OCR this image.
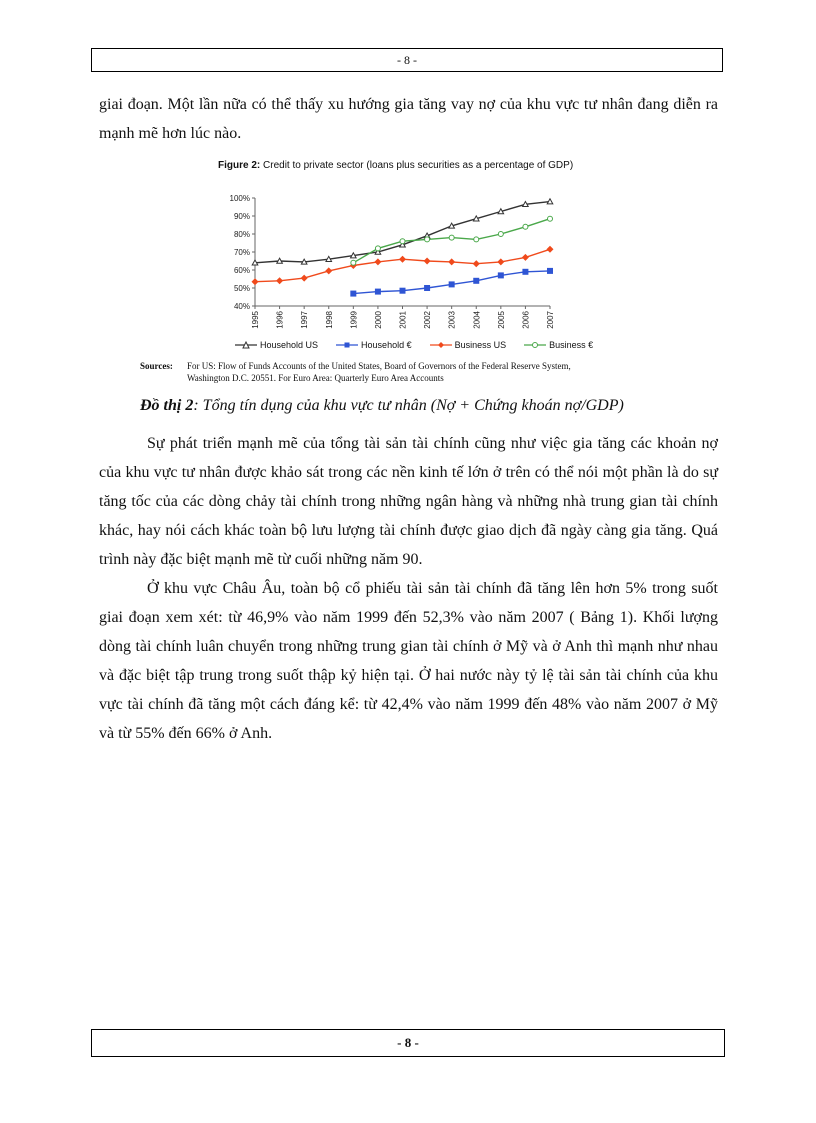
- 8 -

giai đoạn. Một lần nữa có thể thấy xu hướng gia tăng vay nợ của khu vực tư nhân đang diễn ra mạnh mẽ hơn lúc nào.

Figure 2: Credit to private sector (loans plus securities as a percentage of GDP)
40%
50%
60%
70%
80%
90%
100%
1995 1996 1997 1998 1999 2000 2001 2002 2003 2004 2005 2006 2007
Household US	Household €	Business US	Business €
Sources: For US: Flow of Funds Accounts of the United States, Board of Governors of the Federal Reserve System,
Washington D.C. 20551. For Euro Area: Quarterly Euro Area Accounts
Đồ thị 2: Tổng tín dụng của khu vực tư nhân (Nợ + Chứng khoán nợ/GDP)
Sự phát triển mạnh mẽ của tổng tài sản tài chính cũng như việc gia tăng các khoản nợ của khu vực tư nhân được khảo sát trong các nền kinh tế lớn ở trên có thể nói một phần là do sự tăng tốc của các dòng chảy tài chính trong những ngân hàng và những nhà trung gian tài chính khác, hay nói cách khác toàn bộ lưu lượng tài chính được giao dịch đã ngày càng gia tăng. Quá trình này đặc biệt mạnh mẽ từ cuối những năm 90.
Ở khu vực Châu Âu, toàn bộ cổ phiếu tài sản tài chính đã tăng lên hơn 5% trong suốt giai đoạn xem xét: từ 46,9% vào năm 1999 đến 52,3% vào năm 2007 ( Bảng 1). Khối lượng dòng tài chính luân chuyển trong những trung gian tài chính ở Mỹ và ở Anh thì mạnh như nhau và đặc biệt tập trung trong suốt thập kỷ hiện tại. Ở hai nước này tỷ lệ tài sản tài chính của khu vực tài chính đã tăng một cách đáng kể: từ 42,4% vào năm 1999 đến 48% vào năm 2007 ở Mỹ và từ 55% đến 66% ở Anh.
- 8 -
